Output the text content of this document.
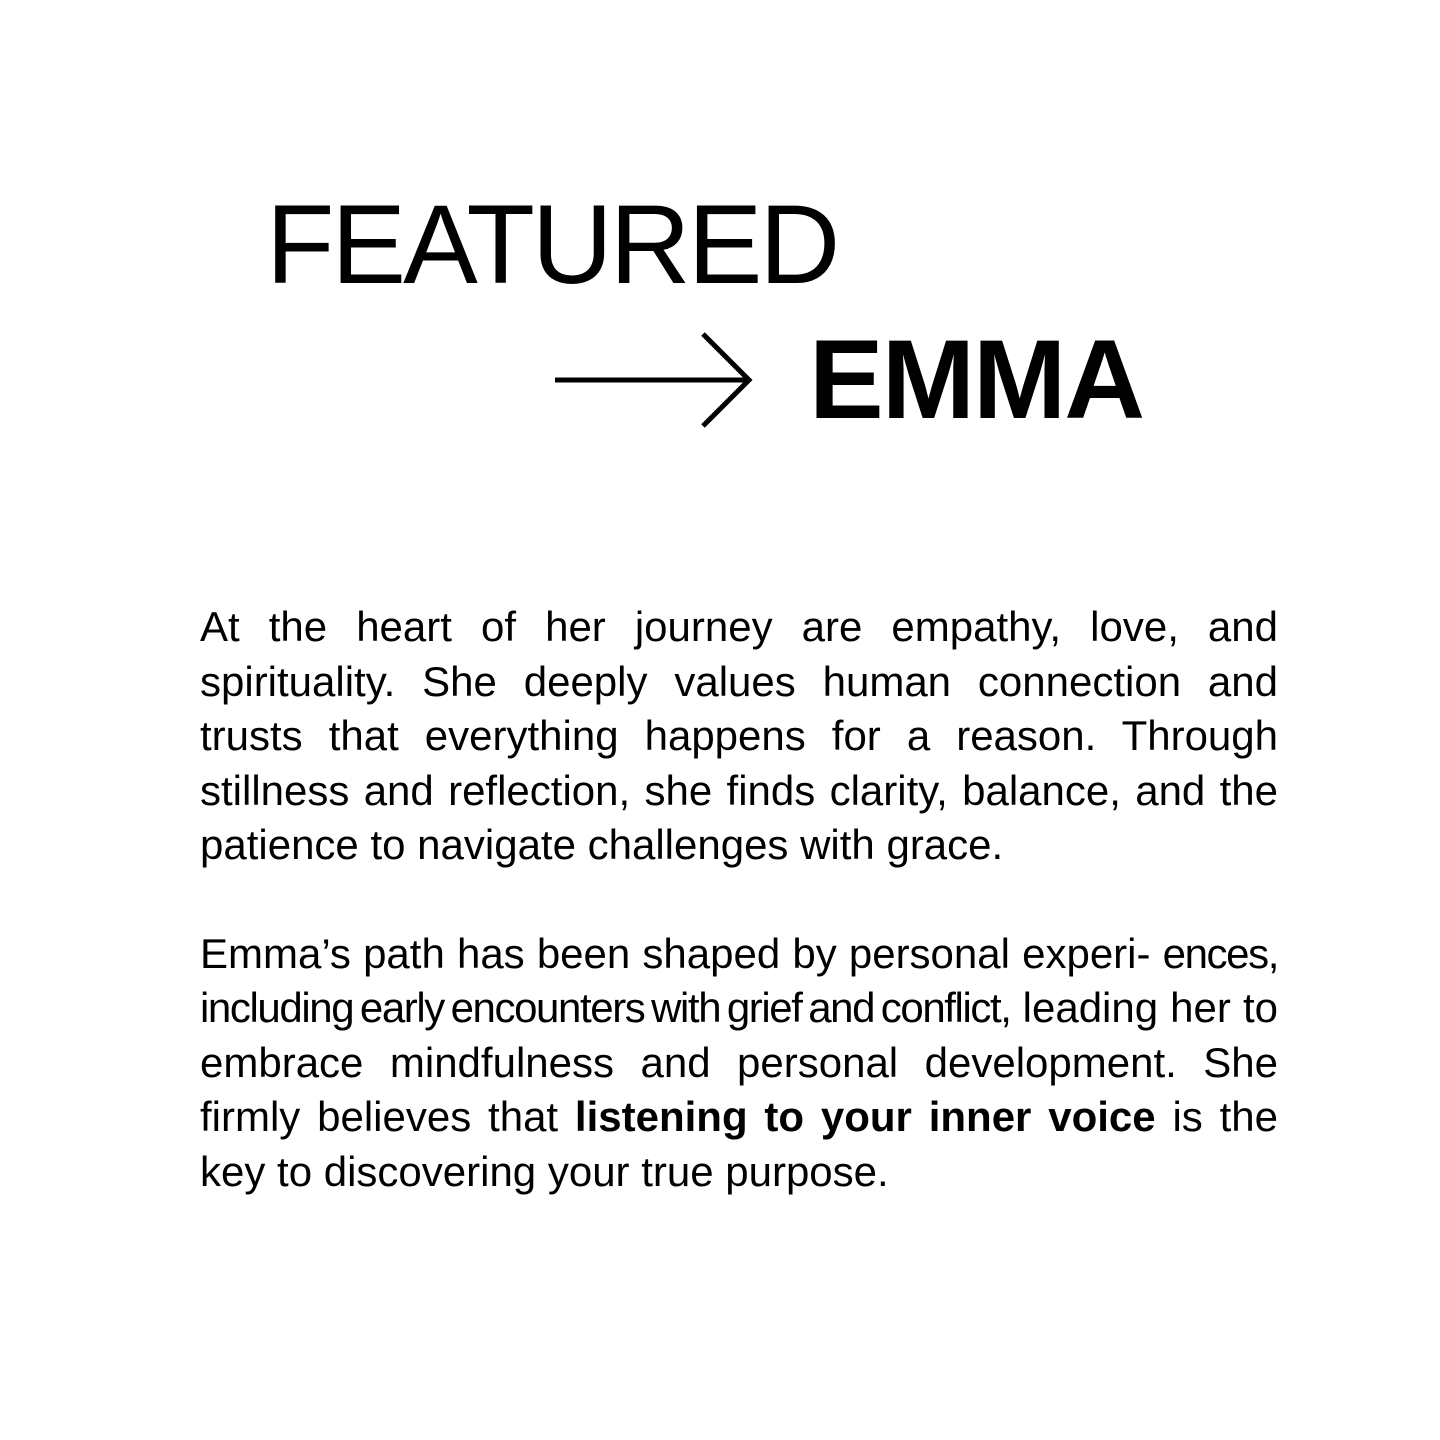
FEATURED
EMMA

At the heart of her journey are empathy, love, and spirituality. She deeply values human connection and trusts that everything happens for a reason. Through stillness and reflection, she finds clarity, balance, and the patience to navigate challenges with grace.

Emma’s path has been shaped by personal experi- ences, including early encounters with grief and conflict, leading her to embrace mindfulness and personal development. She firmly believes that listening to your inner voice is the key to discovering your true purpose.
